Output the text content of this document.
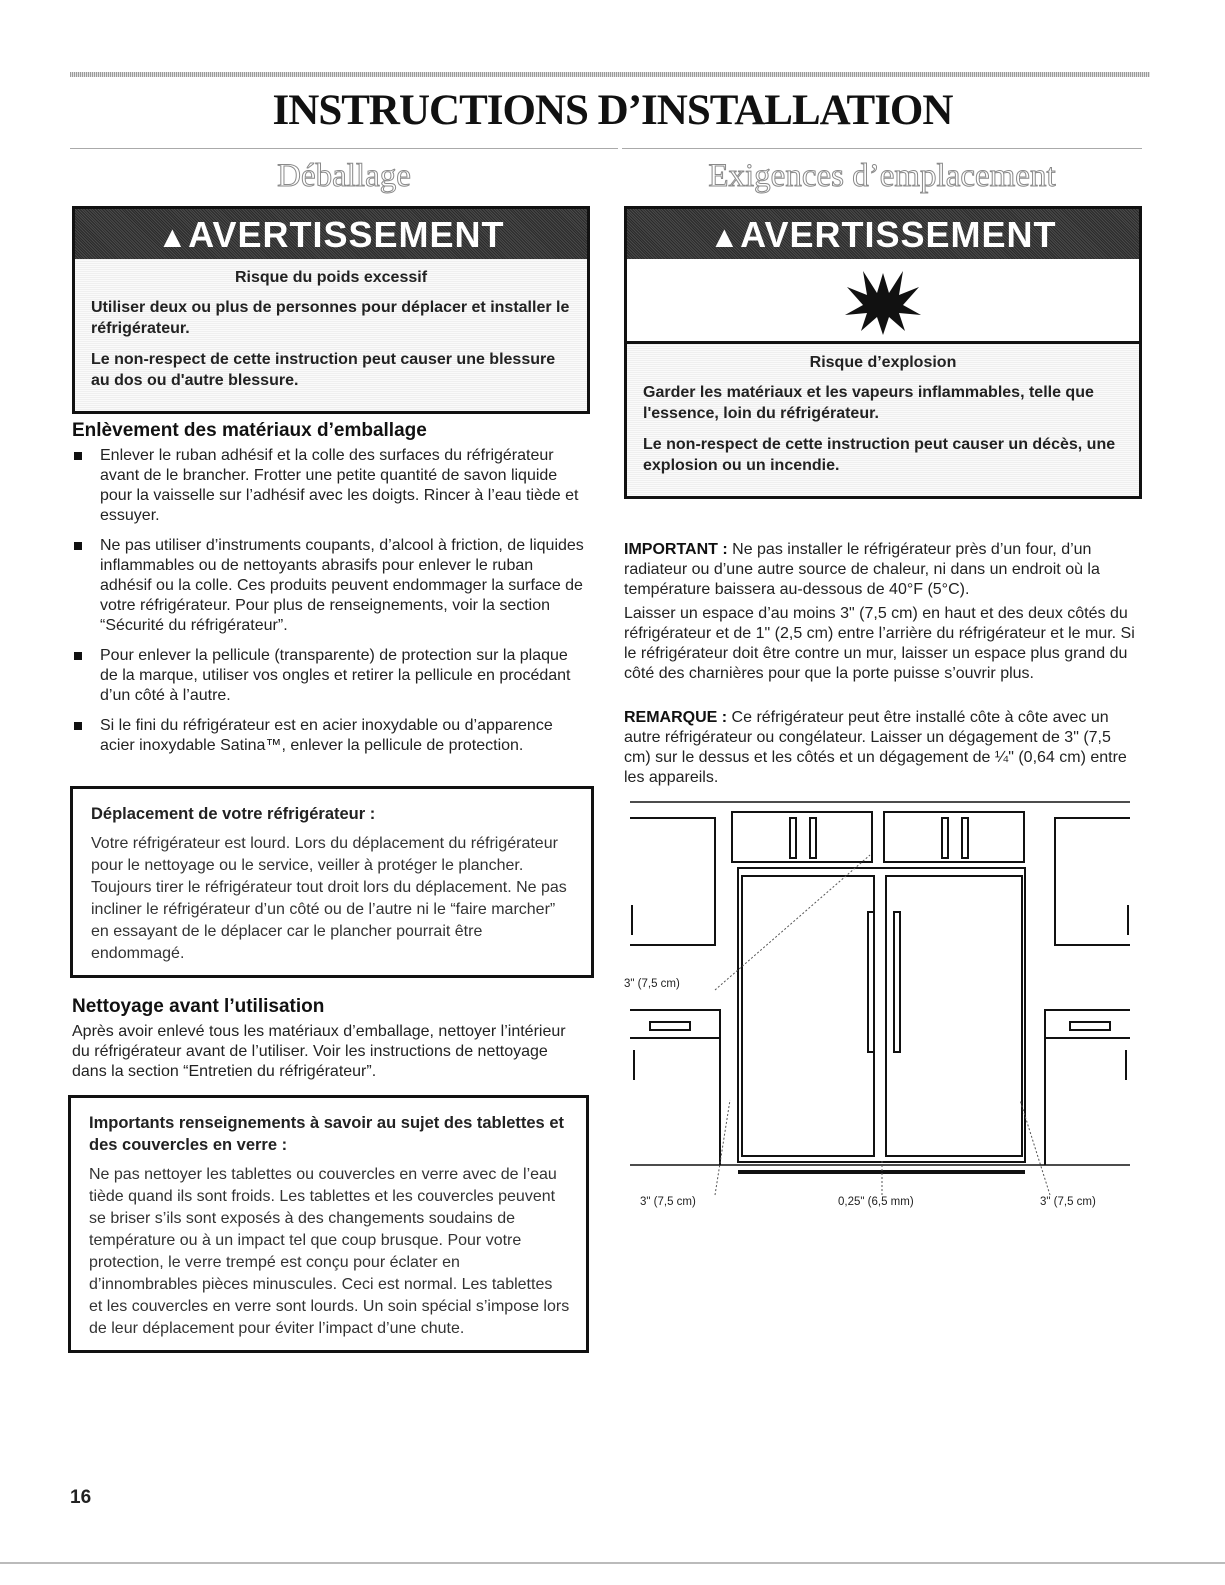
INSTRUCTIONS D’INSTALLATION
Déballage	Exigences d’emplacement
▲AVERTISSEMENT
Risque du poids excessif

Utiliser deux ou plus de personnes pour déplacer et installer le réfrigérateur.

Le non-respect de cette instruction peut causer une blessure au dos ou d'autre blessure.

Enlèvement des matériaux d’emballage
Enlever le ruban adhésif et la colle des surfaces du réfrigérateur avant de le brancher. Frotter une petite quantité de savon liquide pour la vaisselle sur l’adhésif avec les doigts. Rincer à l’eau tiède et essuyer.
Ne pas utiliser d’instruments coupants, d’alcool à friction, de liquides inflammables ou de nettoyants abrasifs pour enlever le ruban adhésif ou la colle. Ces produits peuvent endommager la surface de votre réfrigérateur. Pour plus de renseignements, voir la section “Sécurité du réfrigérateur”.
Pour enlever la pellicule (transparente) de protection sur la plaque de la marque, utiliser vos ongles et retirer la pellicule en procédant d’un côté à l’autre.
Si le fini du réfrigérateur est en acier inoxydable ou d’apparence acier inoxydable Satina™, enlever la pellicule de protection.
Déplacement de votre réfrigérateur :
Votre réfrigérateur est lourd. Lors du déplacement du réfrigérateur pour le nettoyage ou le service, veiller à protéger le plancher. Toujours tirer le réfrigérateur tout droit lors du déplacement. Ne pas incliner le réfrigérateur d’un côté ou de l’autre ni le “faire marcher” en essayant de le déplacer car le plancher pourrait être endommagé.
Nettoyage avant l’utilisation

Après avoir enlevé tous les matériaux d’emballage, nettoyer l’intérieur du réfrigérateur avant de l’utiliser. Voir les instructions de nettoyage dans la section “Entretien du réfrigérateur”.

Importants renseignements à savoir au sujet des tablettes et des couvercles en verre :
Ne pas nettoyer les tablettes ou couvercles en verre avec de l’eau tiède quand ils sont froids. Les tablettes et les couvercles peuvent se briser s’ils sont exposés à des changements soudains de température ou à un impact tel que coup brusque. Pour votre protection, le verre trempé est conçu pour éclater en d’innombrables pièces minuscules. Ceci est normal. Les tablettes et les couvercles en verre sont lourds. Un soin spécial s’impose lors de leur déplacement pour éviter l’impact d’une chute.
▲AVERTISSEMENT
Risque d’explosion

Garder les matériaux et les vapeurs inflammables, telle que l'essence, loin du réfrigérateur.

Le non-respect de cette instruction peut causer un décès, une explosion ou un incendie.

IMPORTANT : Ne pas installer le réfrigérateur près d’un four, d’un radiateur ou d’une autre source de chaleur, ni dans un endroit où la température baissera au-dessous de 40°F (5°C).

Laisser un espace d’au moins 3" (7,5 cm) en haut et des deux côtés du réfrigérateur et de 1" (2,5 cm) entre l’arrière du réfrigérateur et le mur. Si le réfrigérateur doit être contre un mur, laisser un espace plus grand du côté des charnières pour que la porte puisse s’ouvrir plus.

REMARQUE : Ce réfrigérateur peut être installé côte à côte avec un autre réfrigérateur ou congélateur. Laisser un dégagement de 3" (7,5 cm) sur le dessus et les côtés et un dégagement de ¼" (0,64 cm) entre les appareils.

3" (7,5 cm)
3" (7,5 cm)	0,25" (6,5 mm)	3" (7,5 cm)
16
